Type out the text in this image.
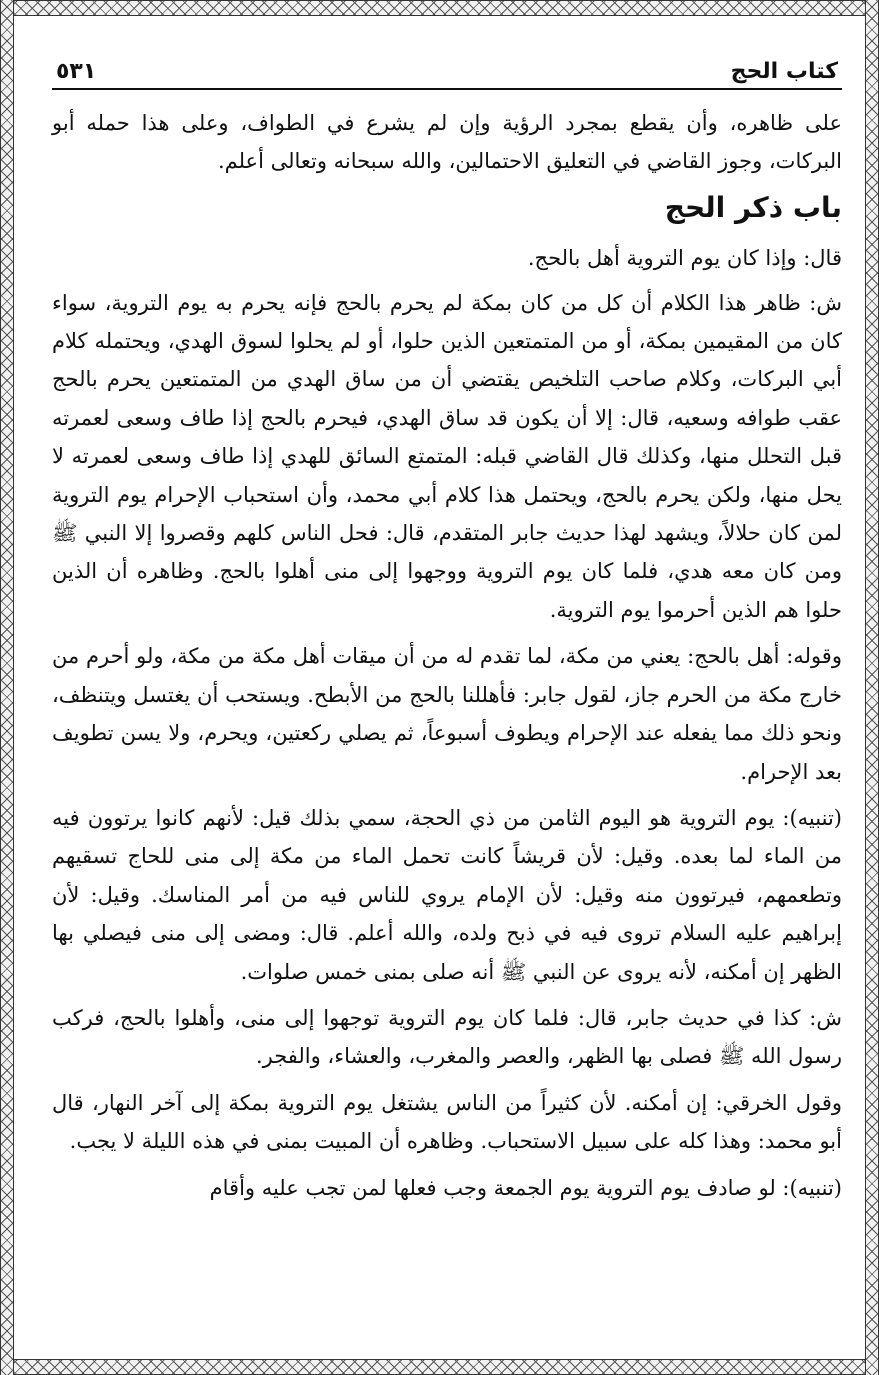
كتاب الحج
٥٣١

على ظاهره، وأن يقطع بمجرد الرؤية وإن لم يشرع في الطواف، وعلى هذا حمله أبو البركات، وجوز القاضي في التعليق الاحتمالين، والله سبحانه وتعالى أعلم.

باب ذكر الحج

قال: وإذا كان يوم التروية أهل بالحج.

ش: ظاهر هذا الكلام أن كل من كان بمكة لم يحرم بالحج فإنه يحرم به يوم التروية، سواء كان من المقيمين بمكة، أو من المتمتعين الذين حلوا، أو لم يحلوا لسوق الهدي، ويحتمله كلام أبي البركات، وكلام صاحب التلخيص يقتضي أن من ساق الهدي من المتمتعين يحرم بالحج عقب طوافه وسعيه، قال: إلا أن يكون قد ساق الهدي، فيحرم بالحج إذا طاف وسعى لعمرته قبل التحلل منها، وكذلك قال القاضي قبله: المتمتع السائق للهدي إذا طاف وسعى لعمرته لا يحل منها، ولكن يحرم بالحج، ويحتمل هذا كلام أبي محمد، وأن استحباب الإحرام يوم التروية لمن كان حلالاً، ويشهد لهذا حديث جابر المتقدم، قال: فحل الناس كلهم وقصروا إلا النبي ﷺ ومن كان معه هدي، فلما كان يوم التروية ووجهوا إلى منى أهلوا بالحج. وظاهره أن الذين حلوا هم الذين أحرموا يوم التروية.

وقوله: أهل بالحج: يعني من مكة، لما تقدم له من أن ميقات أهل مكة من مكة، ولو أحرم من خارج مكة من الحرم جاز، لقول جابر: فأهللنا بالحج من الأبطح. ويستحب أن يغتسل ويتنظف، ونحو ذلك مما يفعله عند الإحرام ويطوف أسبوعاً، ثم يصلي ركعتين، ويحرم، ولا يسن تطويف بعد الإحرام.

(تنبيه): يوم التروية هو اليوم الثامن من ذي الحجة، سمي بذلك قيل: لأنهم كانوا يرتوون فيه من الماء لما بعده. وقيل: لأن قريشاً كانت تحمل الماء من مكة إلى منى للحاج تسقيهم وتطعمهم، فيرتوون منه وقيل: لأن الإمام يروي للناس فيه من أمر المناسك. وقيل: لأن إبراهيم عليه السلام تروى فيه في ذبح ولده، والله أعلم. قال: ومضى إلى منى فيصلي بها الظهر إن أمكنه، لأنه يروى عن النبي ﷺ أنه صلى بمنى خمس صلوات.

ش: كذا في حديث جابر، قال: فلما كان يوم التروية توجهوا إلى منى، وأهلوا بالحج، فركب رسول الله ﷺ فصلى بها الظهر، والعصر والمغرب، والعشاء، والفجر.

وقول الخرقي: إن أمكنه. لأن كثيراً من الناس يشتغل يوم التروية بمكة إلى آخر النهار، قال أبو محمد: وهذا كله على سبيل الاستحباب. وظاهره أن المبيت بمنى في هذه الليلة لا يجب.

(تنبيه): لو صادف يوم التروية يوم الجمعة وجب فعلها لمن تجب عليه وأقام
